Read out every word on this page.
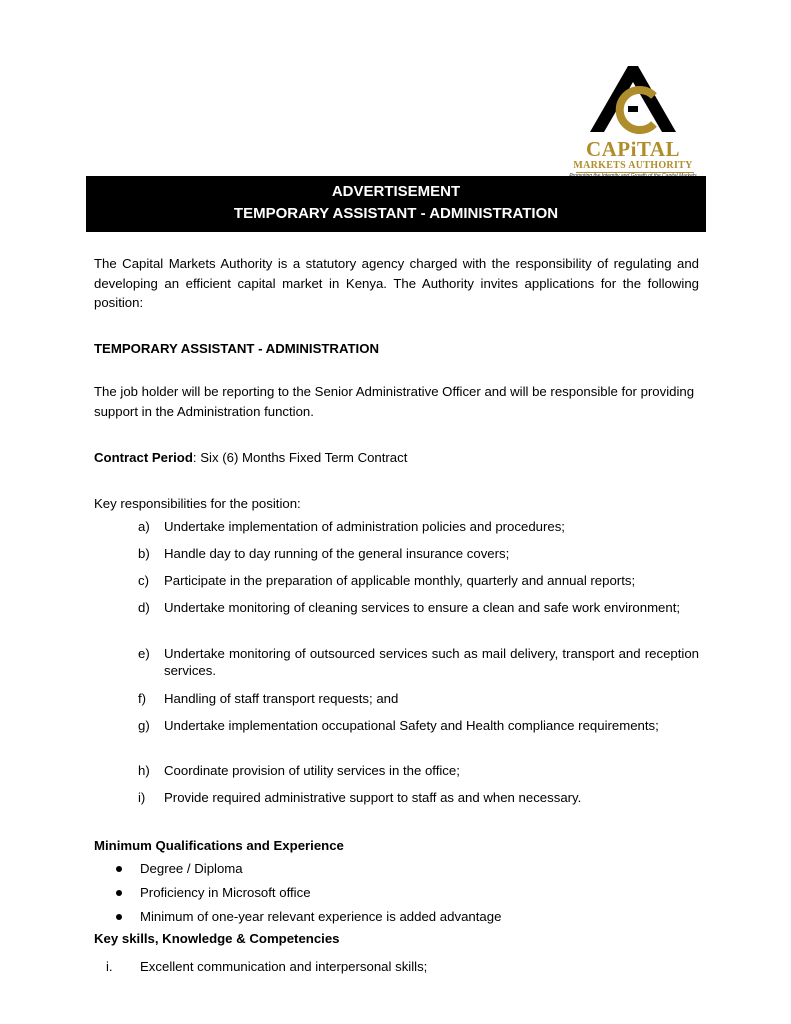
CAPiTAL
MARKETS AUTHORITY
ADVERTISEMENT
TEMPORARY ASSISTANT - ADMINISTRATION
The Capital Markets Authority is a statutory agency charged with the responsibility of regulating and developing an efficient capital market in Kenya. The Authority invites applications for the following position:
TEMPORARY ASSISTANT - ADMINISTRATION
The job holder will be reporting to the Senior Administrative Officer and will be responsible for providing support in the Administration function.
Contract Period: Six (6) Months Fixed Term Contract
Key responsibilities for the position:
a)	Undertake implementation of administration policies and procedures;
b)	Handle day to day running of the general insurance covers;
c)	Participate in the preparation of applicable monthly, quarterly and annual reports;
d)	Undertake monitoring of cleaning services to ensure a clean and safe work environment;
e)	Undertake monitoring of outsourced services such as mail delivery, transport and reception services.
f)	Handling of staff transport requests; and
g)	Undertake implementation occupational Safety and Health compliance requirements;
h)	Coordinate provision of utility services in the office;
i)	Provide required administrative support to staff as and when necessary.
Minimum Qualifications and Experience
Degree / Diploma
Proficiency in Microsoft office
Minimum of one-year relevant experience is added advantage
Key skills, Knowledge & Competencies
i. Excellent communication and interpersonal skills;
